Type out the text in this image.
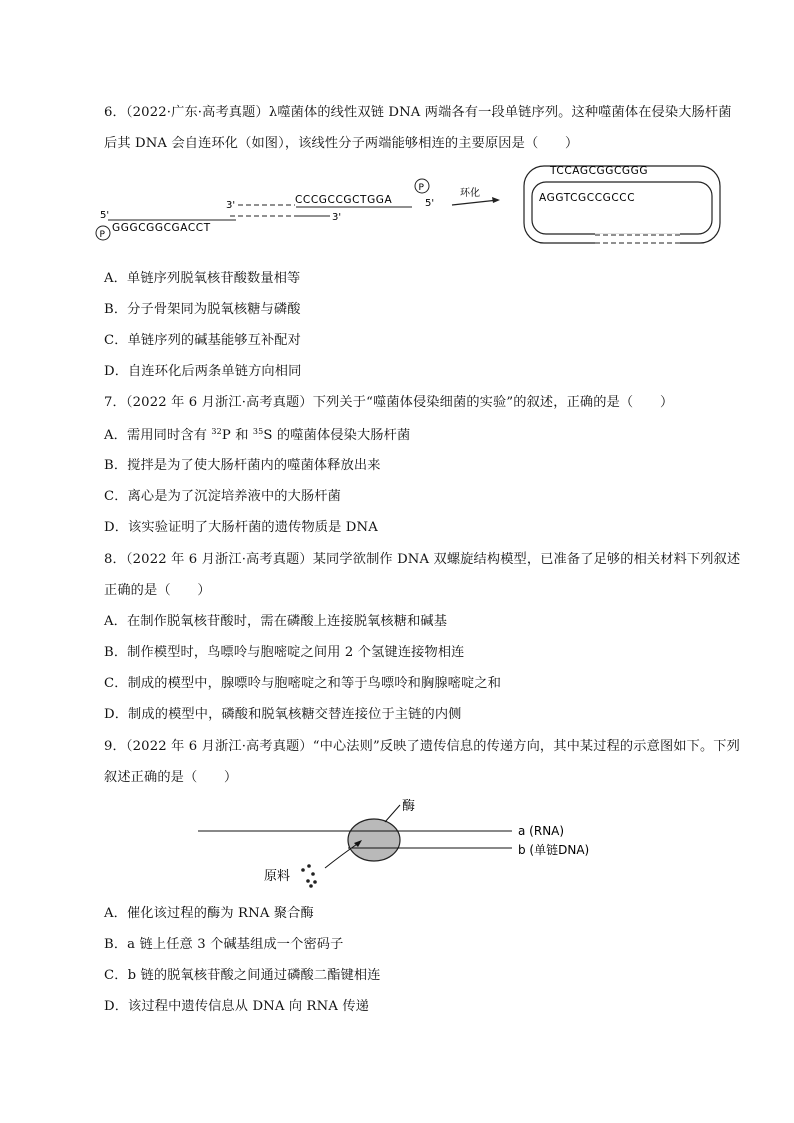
6．（2022·广东·高考真题）λ噬菌体的线性双链 DNA 两端各有一段单链序列。这种噬菌体在侵染大肠杆菌
后其 DNA 会自连环化（如图），该线性分子两端能够相连的主要原因是（　　）
3'	CCCGCCGCTGGA
P
5'
3'
5'
GGGCGGCGACCT
P
环化
TCCAGCGGCGGG
AGGTCGCCGCCC
A．单链序列脱氧核苷酸数量相等
B．分子骨架同为脱氧核糖与磷酸
C．单链序列的碱基能够互补配对
D．自连环化后两条单链方向相同
7．（2022 年 6 月浙江·高考真题）下列关于“噬菌体侵染细菌的实验”的叙述，正确的是（　　）
A．需用同时含有 $^{32}$P 和 $^{35}$S 的噬菌体侵染大肠杆菌
B．搅拌是为了使大肠杆菌内的噬菌体释放出来
C．离心是为了沉淀培养液中的大肠杆菌
D．该实验证明了大肠杆菌的遗传物质是 DNA
8．（2022 年 6 月浙江·高考真题）某同学欲制作 DNA 双螺旋结构模型，已准备了足够的相关材料下列叙述
正确的是（　　）
A．在制作脱氧核苷酸时，需在磷酸上连接脱氧核糖和碱基
B．制作模型时，鸟嘌呤与胞嘧啶之间用 2 个氢键连接物相连
C．制成的模型中，腺嘌呤与胞嘧啶之和等于鸟嘌呤和胸腺嘧啶之和
D．制成的模型中，磷酸和脱氧核糖交替连接位于主链的内侧
9．（2022 年 6 月浙江·高考真题）“中心法则”反映了遗传信息的传递方向，其中某过程的示意图如下。下列
叙述正确的是（　　）
酶
a (RNA)
b (单链DNA)
原料
A．催化该过程的酶为 RNA 聚合酶
B．a 链上任意 3 个碱基组成一个密码子
C．b 链的脱氧核苷酸之间通过磷酸二酯键相连
D．该过程中遗传信息从 DNA 向 RNA 传递
